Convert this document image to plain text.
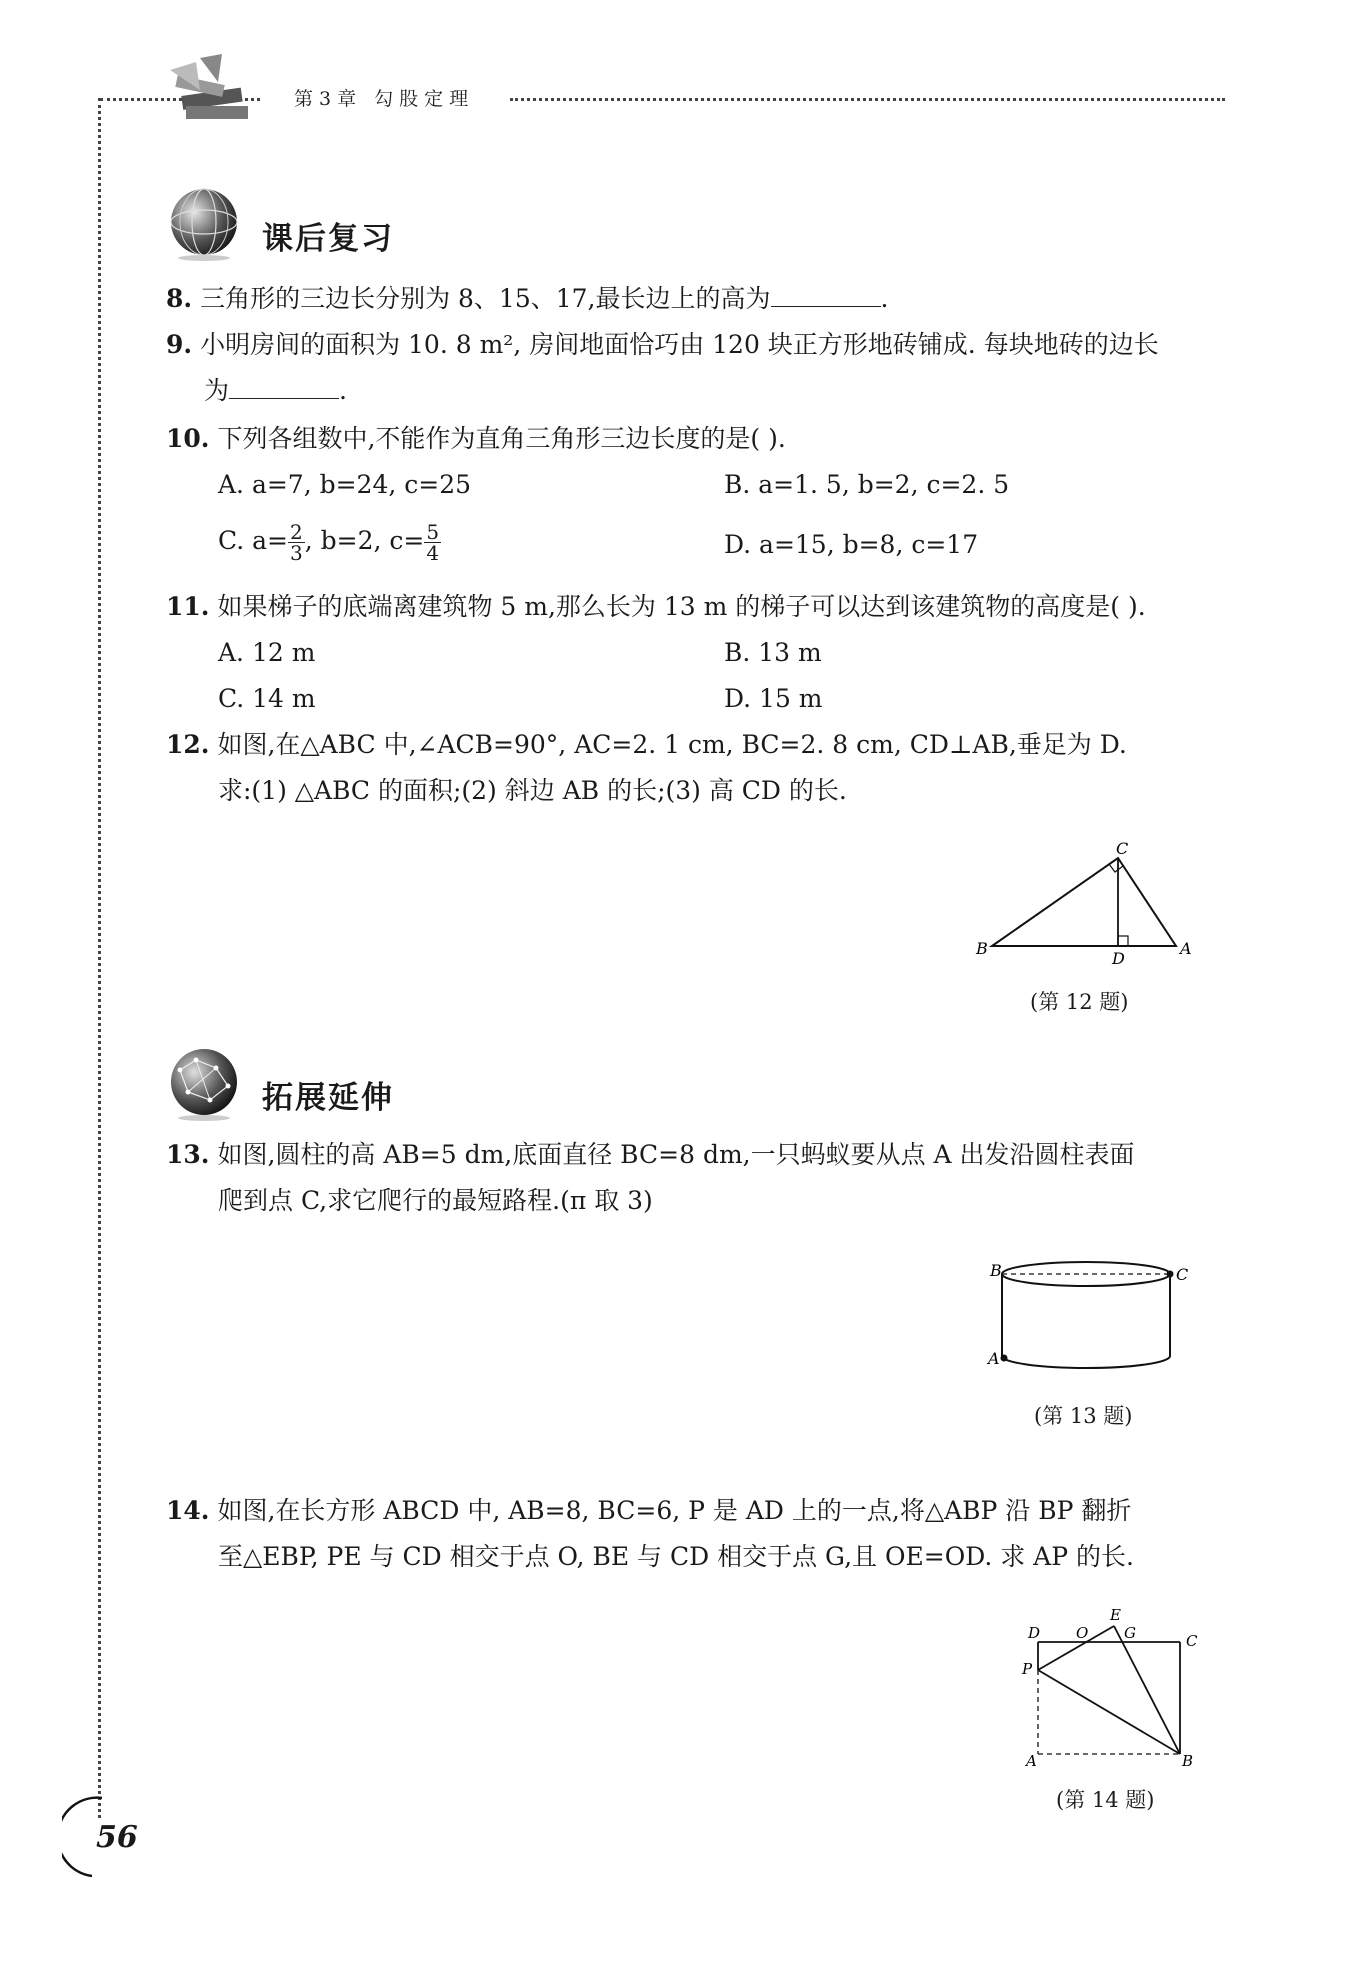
第3章 勾股定理
课后复习
8. 三角形的三边长分别为 8、15、17,最长边上的高为	.
9. 小明房间的面积为 10. 8 m², 房间地面恰巧由 120 块正方形地砖铺成. 每块地砖的边长
为	.
10. 下列各组数中,不能作为直角三角形三边长度的是( ).
A. a=7, b=24, c=25	B. a=1. 5, b=2, c=2. 5
C. $a= \frac{2}{3}$ , b=2, $c= \frac{5}{4}$	D. a=15, b=8, c=17
11. 如果梯子的底端离建筑物 5 m,那么长为 13 m 的梯子可以达到该建筑物的高度是( ).
A. 12 m	B. 13 m
C. 14 m	D. 15 m
12. 如图,在△ABC 中,∠ACB=90°, AC=2. 1 cm, BC=2. 8 cm, CD⊥AB,垂足为 D.
求:(1) △ABC 的面积;(2) 斜边 AB 的长;(3) 高 CD 的长.
C
B
D
A
(第 12 题)
拓展延伸
13. 如图,圆柱的高 AB=5 dm,底面直径 BC=8 dm,一只蚂蚁要从点 A 出发沿圆柱表面
爬到点 C,求它爬行的最短路程.(π 取 3)
B	C
A
(第 13 题)
14. 如图,在长方形 ABCD 中, AB=8, BC=6, P 是 AD 上的一点,将△ABP 沿 BP 翻折
至△EBP, PE 与 CD 相交于点 O, BE 与 CD 相交于点 G,且 OE=OD. 求 AP 的长.
D O
E
G	C
P
A	B
(第 14 题)
56
